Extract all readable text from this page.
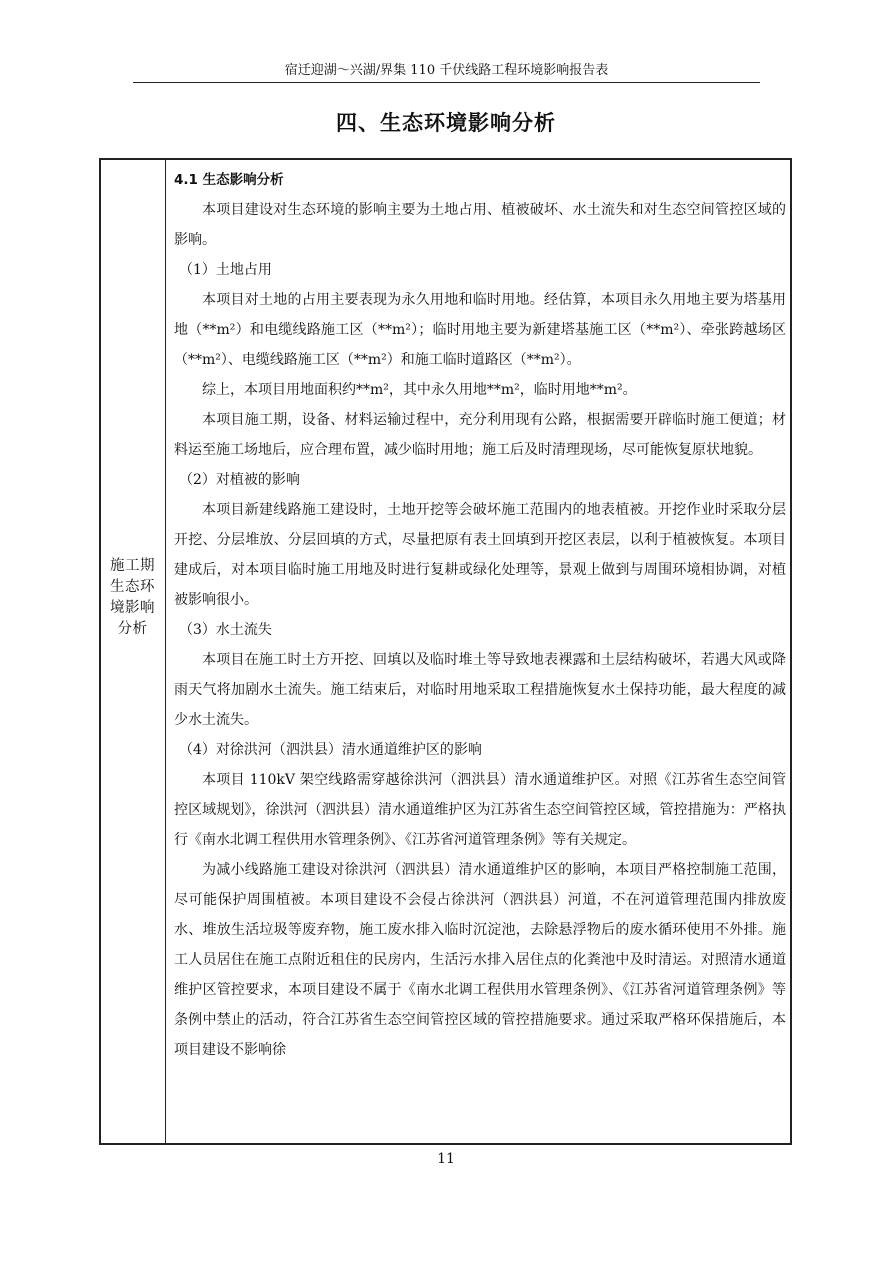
宿迁迎湖～兴湖/界集 110 千伏线路工程环境影响报告表
四、生态环境影响分析
施工期
生态环
境影响
分析

4.1 生态影响分析

本项目建设对生态环境的影响主要为土地占用、植被破坏、水土流失和对生态空间管控区域的影响。

（1）土地占用

本项目对土地的占用主要表现为永久用地和临时用地。经估算，本项目永久用地主要为塔基用地（**m²）和电缆线路施工区（**m²）；临时用地主要为新建塔基施工区（**m²）、牵张跨越场区（**m²）、电缆线路施工区（**m²）和施工临时道路区（**m²）。

综上，本项目用地面积约**m²，其中永久用地**m²，临时用地**m²。

本项目施工期，设备、材料运输过程中，充分利用现有公路，根据需要开辟临时施工便道；材料运至施工场地后，应合理布置，减少临时用地；施工后及时清理现场，尽可能恢复原状地貌。

（2）对植被的影响

本项目新建线路施工建设时，土地开挖等会破坏施工范围内的地表植被。开挖作业时采取分层开挖、分层堆放、分层回填的方式，尽量把原有表土回填到开挖区表层，以利于植被恢复。本项目建成后，对本项目临时施工用地及时进行复耕或绿化处理等，景观上做到与周围环境相协调，对植被影响很小。

（3）水土流失

本项目在施工时土方开挖、回填以及临时堆土等导致地表裸露和土层结构破坏，若遇大风或降雨天气将加剧水土流失。施工结束后，对临时用地采取工程措施恢复水土保持功能，最大程度的减少水土流失。

（4）对徐洪河（泗洪县）清水通道维护区的影响

本项目 110kV 架空线路需穿越徐洪河（泗洪县）清水通道维护区。对照《江苏省生态空间管控区域规划》，徐洪河（泗洪县）清水通道维护区为江苏省生态空间管控区域，管控措施为：严格执行《南水北调工程供用水管理条例》、《江苏省河道管理条例》等有关规定。

为减小线路施工建设对徐洪河（泗洪县）清水通道维护区的影响，本项目严格控制施工范围，尽可能保护周围植被。本项目建设不会侵占徐洪河（泗洪县）河道，不在河道管理范围内排放废水、堆放生活垃圾等废弃物，施工废水排入临时沉淀池，去除悬浮物后的废水循环使用不外排。施工人员居住在施工点附近租住的民房内，生活污水排入居住点的化粪池中及时清运。对照清水通道维护区管控要求，本项目建设不属于《南水北调工程供用水管理条例》、《江苏省河道管理条例》等条例中禁止的活动，符合江苏省生态空间管控区域的管控措施要求。通过采取严格环保措施后，本项目建设不影响徐

11
